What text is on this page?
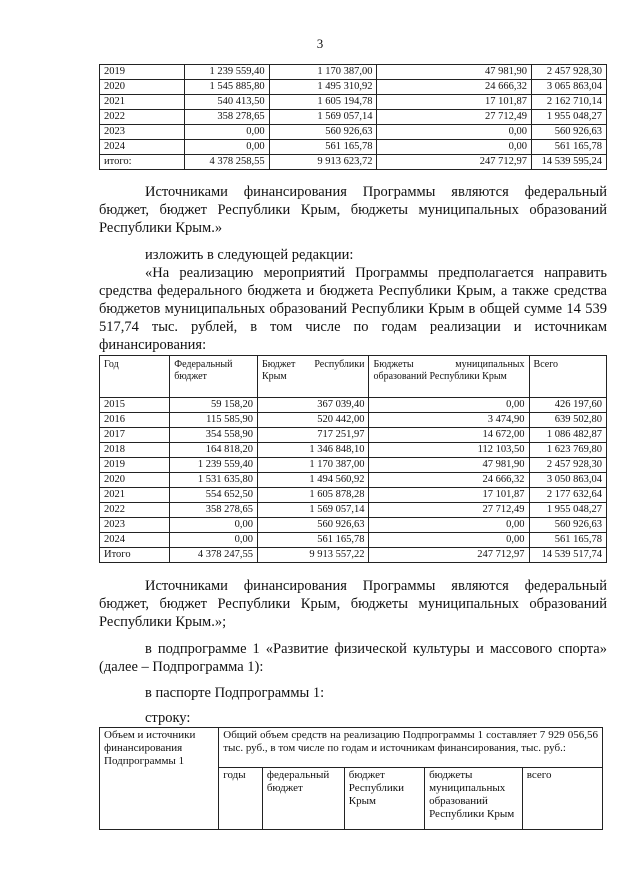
3
2019	1 239 559,40	1 170 387,00	47 981,90	2 457 928,30
2020	1 545 885,80	1 495 310,92	24 666,32	3 065 863,04
2021	540 413,50	1 605 194,78	17 101,87	2 162 710,14
2022	358 278,65	1 569 057,14	27 712,49	1 955 048,27
2023	0,00	560 926,63	0,00	560 926,63
2024	0,00	561 165,78	0,00	561 165,78
итого:	4 378 258,55	9 913 623,72	247 712,97	14 539 595,24

Источниками финансирования Программы являются федеральный бюджет, бюджет Республики Крым, бюджеты муниципальных образований Республики Крым.»

изложить в следующей редакции:

«На реализацию мероприятий Программы предполагается направить средства федерального бюджета и бюджета Республики Крым, а также средства бюджетов муниципальных образований Республики Крым в общей сумме 14 539 517,74 тыс. рублей, в том числе по годам реализации и источникам финансирования:

Год	Федеральный бюджет	Бюджет Республики Крым	Бюджеты муниципальных образований Республики Крым	Всего
2015	59 158,20	367 039,40	0,00	426 197,60
2016	115 585,90	520 442,00	3 474,90	639 502,80
2017	354 558,90	717 251,97	14 672,00	1 086 482,87
2018	164 818,20	1 346 848,10	112 103,50	1 623 769,80
2019	1 239 559,40	1 170 387,00	47 981,90	2 457 928,30
2020	1 531 635,80	1 494 560,92	24 666,32	3 050 863,04
2021	554 652,50	1 605 878,28	17 101,87	2 177 632,64
2022	358 278,65	1 569 057,14	27 712,49	1 955 048,27
2023	0,00	560 926,63	0,00	560 926,63
2024	0,00	561 165,78	0,00	561 165,78
Итого	4 378 247,55	9 913 557,22	247 712,97	14 539 517,74

Источниками финансирования Программы являются федеральный бюджет, бюджет Республики Крым, бюджеты муниципальных образований Республики Крым.»;

в подпрограмме 1 «Развитие физической культуры и массового спорта» (далее – Подпрограмма 1):

в паспорте Подпрограммы 1:

строку:

Объем и источники финансирования Подпрограммы 1	Общий объем средств на реализацию Подпрограммы 1 составляет 7 929 056,56 тыс. руб., в том числе по годам и источникам финансирования, тыс. руб.:				
	годы	федеральный бюджет	бюджет Республики Крым	бюджеты муниципальных образований Республики Крым	всего
